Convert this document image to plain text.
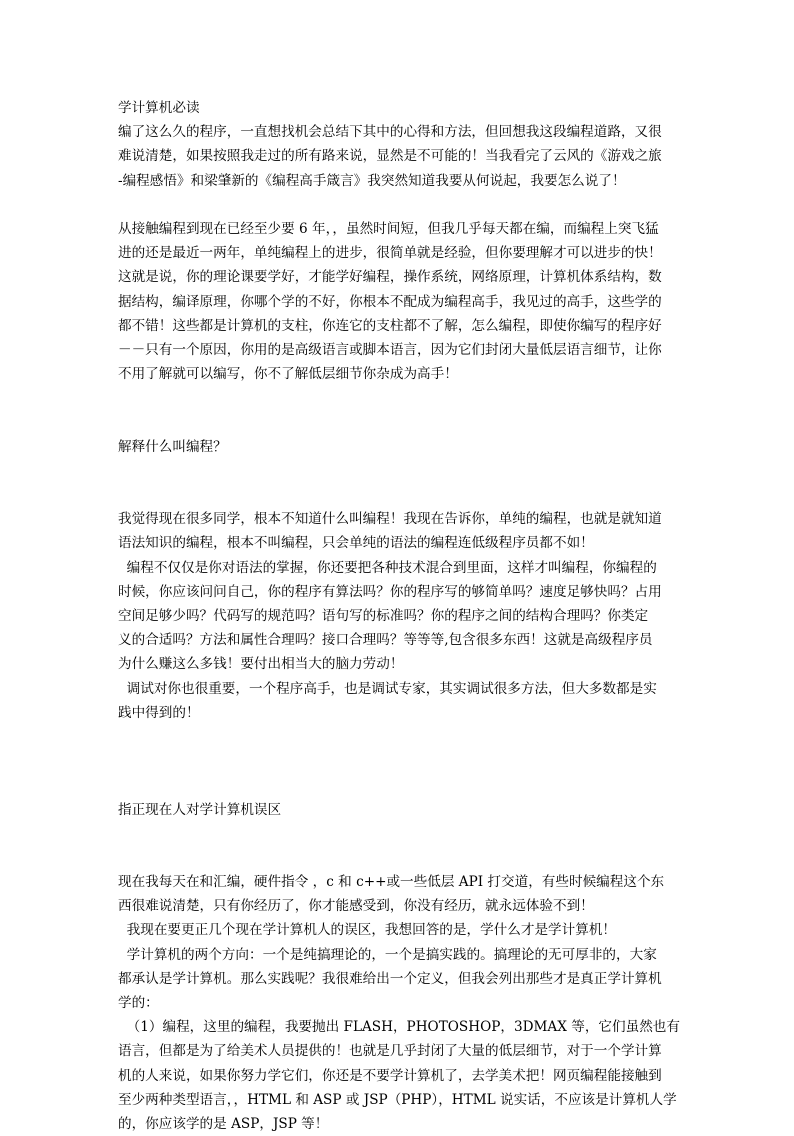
学计算机必读
编了这么久的程序，一直想找机会总结下其中的心得和方法，但回想我这段编程道路，又很
难说清楚，如果按照我走过的所有路来说，显然是不可能的！当我看完了云风的《游戏之旅
-编程感悟》和梁肇新的《编程高手箴言》我突然知道我要从何说起，我要怎么说了！
从接触编程到现在已经至少要 6 年，，虽然时间短，但我几乎每天都在编，而编程上突飞猛
进的还是最近一两年，单纯编程上的进步，很简单就是经验，但你要理解才可以进步的快！
这就是说，你的理论课要学好，才能学好编程，操作系统，网络原理，计算机体系结构，数
据结构，编译原理，你哪个学的不好，你根本不配成为编程高手，我见过的高手，这些学的
都不错！这些都是计算机的支柱，你连它的支柱都不了解，怎么编程，即使你编写的程序好
－－只有一个原因，你用的是高级语言或脚本语言，因为它们封闭大量低层语言细节，让你
不用了解就可以编写，你不了解低层细节你杂成为高手！
解释什么叫编程？
我觉得现在很多同学，根本不知道什么叫编程！我现在告诉你，单纯的编程，也就是就知道
语法知识的编程，根本不叫编程，只会单纯的语法的编程连低级程序员都不如！
编程不仅仅是你对语法的掌握，你还要把各种技术混合到里面，这样才叫编程，你编程的
时候，你应该问问自己，你的程序有算法吗？你的程序写的够简单吗？速度足够快吗？占用
空间足够少吗？代码写的规范吗？语句写的标准吗？你的程序之间的结构合理吗？你类定
义的合适吗？方法和属性合理吗？接口合理吗？等等等,包含很多东西！这就是高级程序员
为什么赚这么多钱！要付出相当大的脑力劳动！
调试对你也很重要，一个程序高手，也是调试专家，其实调试很多方法，但大多数都是实
践中得到的！
指正现在人对学计算机误区
现在我每天在和汇编，硬件指令 ，c 和 c++或一些低层 API 打交道，有些时候编程这个东
西很难说清楚，只有你经历了，你才能感受到，你没有经历，就永远体验不到！
我现在要更正几个现在学计算机人的误区，我想回答的是，学什么才是学计算机！
学计算机的两个方向：一个是纯搞理论的，一个是搞实践的。搞理论的无可厚非的，大家
都承认是学计算机。那么实践呢？我很难给出一个定义，但我会列出那些才是真正学计算机
学的：
（1）编程，这里的编程，我要抛出 FLASH，PHOTOSHOP，3DMAX 等，它们虽然也有
语言，但都是为了给美术人员提供的！也就是几乎封闭了大量的低层细节，对于一个学计算
机的人来说，如果你努力学它们，你还是不要学计算机了，去学美术把！网页编程能接触到
至少两种类型语言，，HTML 和 ASP 或 JSP（PHP），HTML 说实话，不应该是计算机人学
的，你应该学的是 ASP，JSP 等！
